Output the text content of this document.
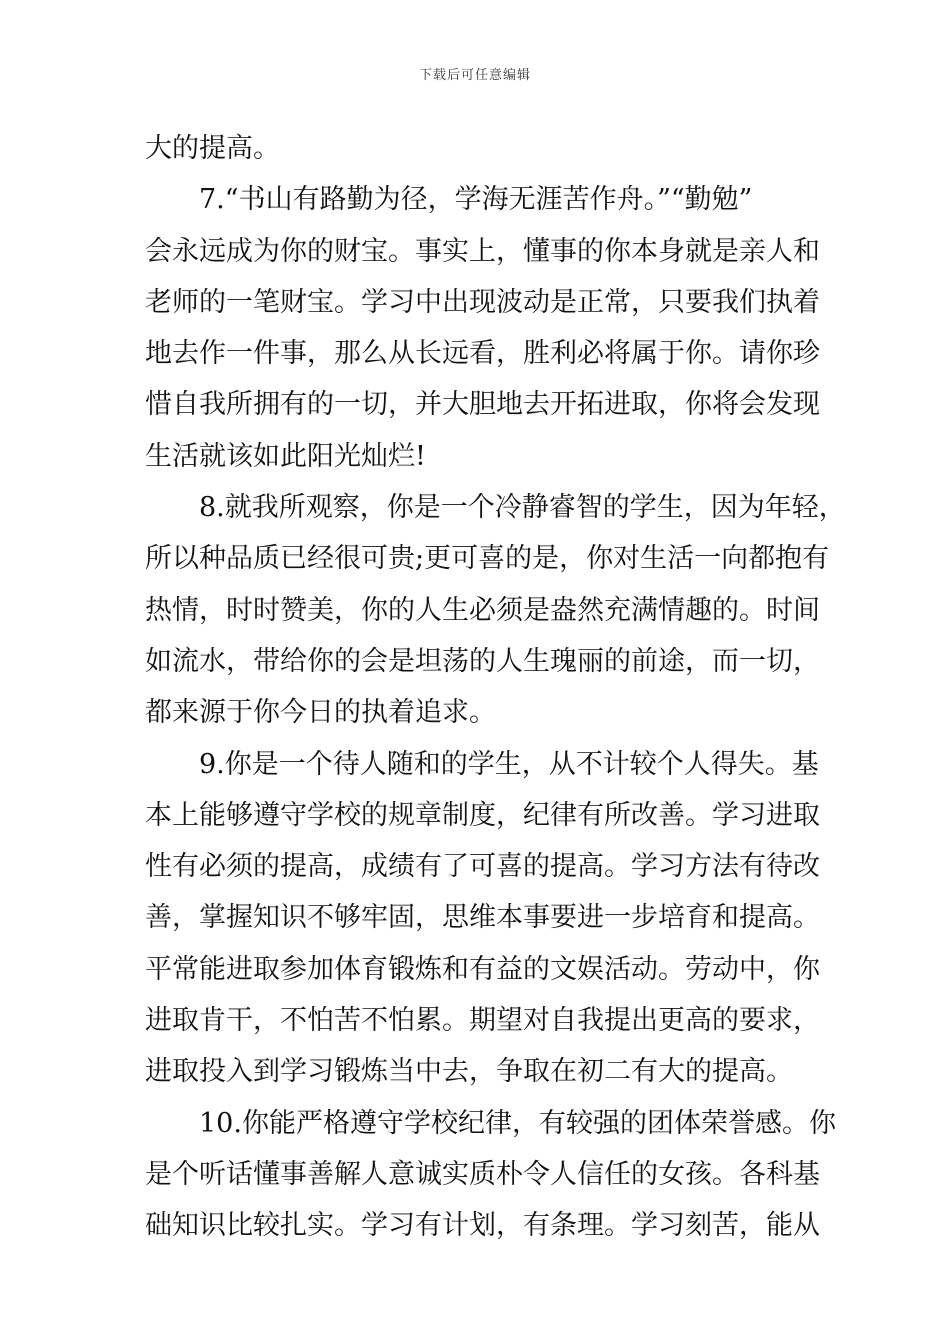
下载后可任意编辑
大的提高。
7.“书山有路勤为径，学海无涯苦作舟。”“勤勉”
会永远成为你的财宝。事实上，懂事的你本身就是亲人和
老师的一笔财宝。学习中出现波动是正常，只要我们执着
地去作一件事，那么从长远看，胜利必将属于你。请你珍
惜自我所拥有的一切，并大胆地去开拓进取，你将会发现
生活就该如此阳光灿烂!
8.就我所观察，你是一个冷静睿智的学生，因为年轻，
所以种品质已经很可贵;更可喜的是，你对生活一向都抱有
热情，时时赞美，你的人生必须是盎然充满情趣的。时间
如流水，带给你的会是坦荡的人生瑰丽的前途，而一切，
都来源于你今日的执着追求。
9.你是一个待人随和的学生，从不计较个人得失。基
本上能够遵守学校的规章制度，纪律有所改善。学习进取
性有必须的提高，成绩有了可喜的提高。学习方法有待改
善，掌握知识不够牢固，思维本事要进一步培育和提高。
平常能进取参加体育锻炼和有益的文娱活动。劳动中，你
进取肯干，不怕苦不怕累。期望对自我提出更高的要求，
进取投入到学习锻炼当中去，争取在初二有大的提高。
10.你能严格遵守学校纪律，有较强的团体荣誉感。你
是个听话懂事善解人意诚实质朴令人信任的女孩。各科基
础知识比较扎实。学习有计划，有条理。学习刻苦，能从
